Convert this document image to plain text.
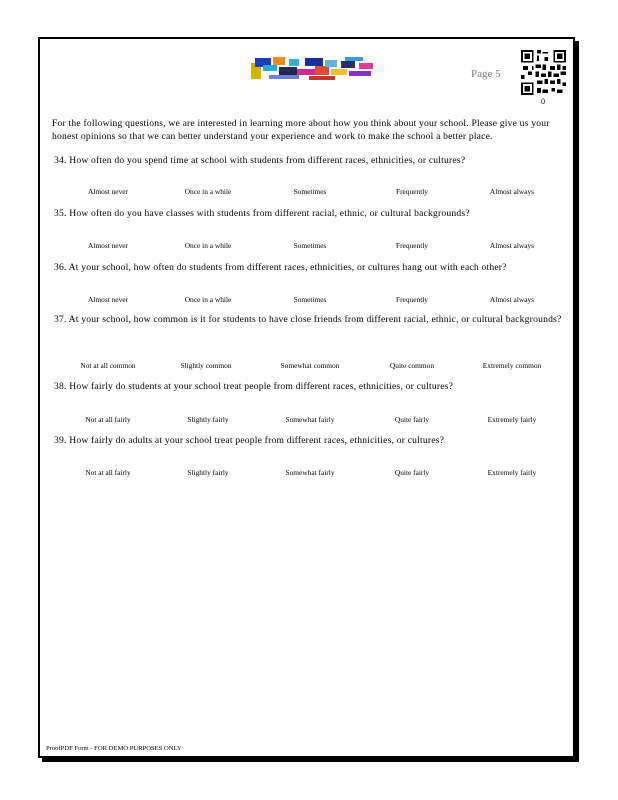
Page 5
0
For the following questions, we are interested in learning more about how you think about your school. Please give us your honest opinions so that we can better understand your experience and work to make the school a better place.
34. How often do you spend time at school with students from different races, ethnicities, or cultures?
Almost never	Once in a while	Sometimes	Frequently	Almost always
35. How often do you have classes with students from different racial, ethnic, or cultural backgrounds?
Almost never	Once in a while	Sometimes	Frequently	Almost always
36. At your school, how often do students from different races, ethnicities, or cultures hang out with each other?
Almost never	Once in a while	Sometimes	Frequently	Almost always
37. At your school, how common is it for students to have close friends from different racial, ethnic, or cultural backgrounds?
Not at all common	Slightly common	Somewhat common	Quite common	Extremely common
38. How fairly do students at your school treat people from different races, ethnicities, or cultures?
Not at all fairly	Slightly fairly	Somewhat fairly	Quite fairly	Extremely fairly
39. How fairly do adults at your school treat people from different races, ethnicities, or cultures?
Not at all fairly	Slightly fairly	Somewhat fairly	Quite fairly	Extremely fairly
ProofPDF Form - FOR DEMO PURPOSES ONLY
